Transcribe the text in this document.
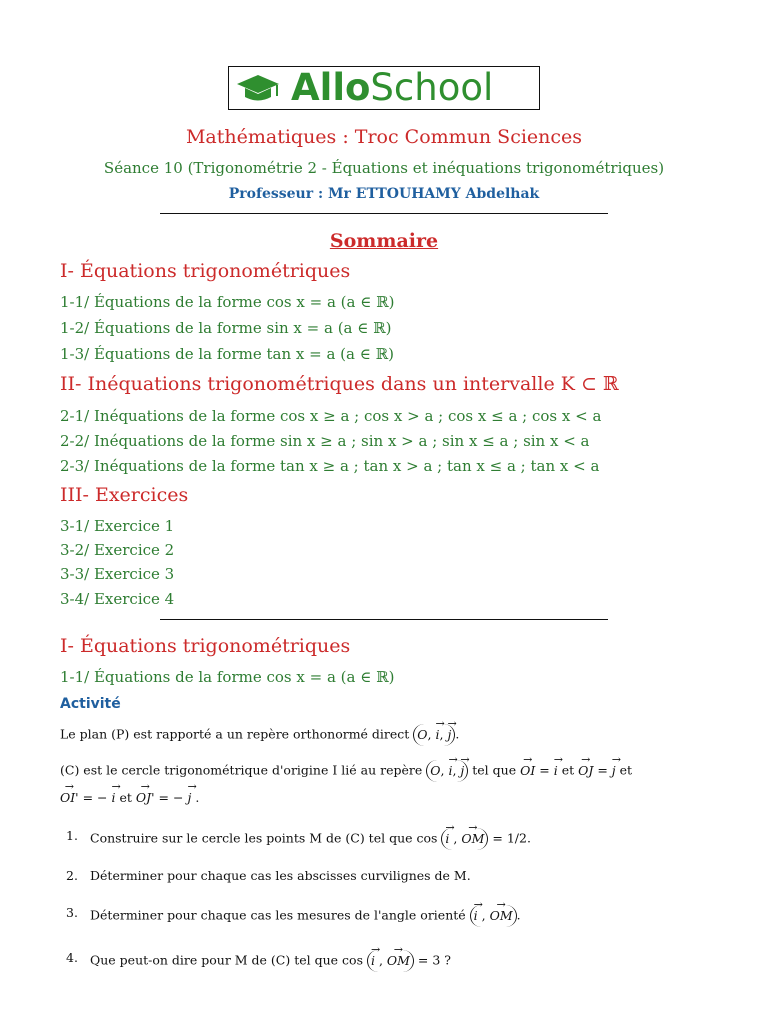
AlloSchool
Mathématiques : Troc Commun Sciences
Séance 10 (Trigonométrie 2 - Équations et inéquations trigonométriques)
Professeur : Mr ETTOUHAMY Abdelhak
Sommaire
I- Équations trigonométriques
1-1/ Équations de la forme cos x = a (a ∈ ℝ)
1-2/ Équations de la forme sin x = a (a ∈ ℝ)
1-3/ Équations de la forme tan x = a (a ∈ ℝ)
II- Inéquations trigonométriques dans un intervalle K ⊂ ℝ
2-1/ Inéquations de la forme cos x ≥ a ; cos x > a ; cos x ≤ a ; cos x < a
2-2/ Inéquations de la forme sin x ≥ a ; sin x > a ; sin x ≤ a ; sin x < a
2-3/ Inéquations de la forme tan x ≥ a ; tan x > a ; tan x ≤ a ; tan x < a
III- Exercices
3-1/ Exercice 1
3-2/ Exercice 2
3-3/ Exercice 3
3-4/ Exercice 4
I- Équations trigonométriques
1-1/ Équations de la forme cos x = a (a ∈ ℝ)
Activité
Le plan (P) est rapporté a un repère orthonormé direct O, → i, → j .
(C) est le cercle trigonométrique d'origine I lié au repère O, → i, → j tel que → OI = → i et → OJ = → j et
→ OI' = − → i et → OJ' = − → j .
1. Construire sur le cercle les points M de (C) tel que cos → i , → OM = 1/2.
2. Déterminer pour chaque cas les abscisses curvilignes de M.
3. Déterminer pour chaque cas les mesures de l'angle orienté → i , → OM .
4. Que peut-on dire pour M de (C) tel que cos → i , → OM = 3 ?
